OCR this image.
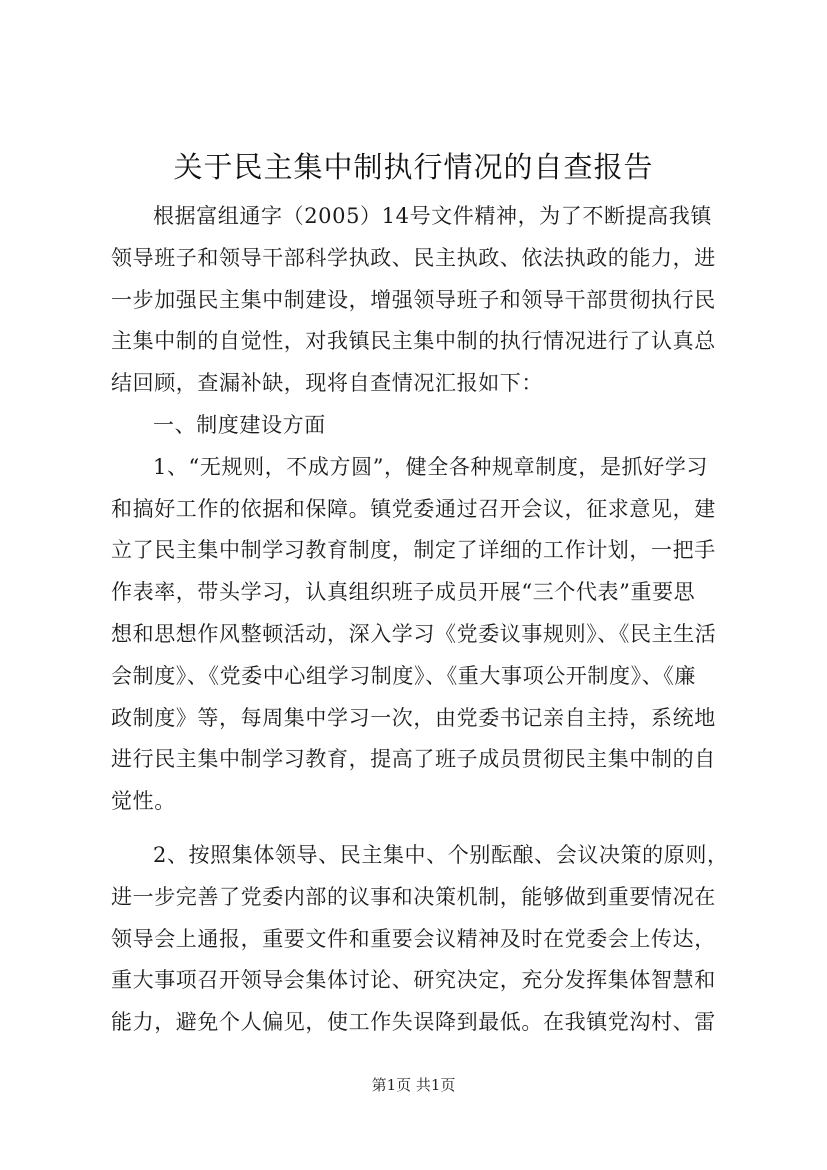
关于民主集中制执行情况的自查报告
根据富组通字（2005）14号文件精神，为了不断提高我镇
领导班子和领导干部科学执政、民主执政、依法执政的能力，进
一步加强民主集中制建设，增强领导班子和领导干部贯彻执行民
主集中制的自觉性，对我镇民主集中制的执行情况进行了认真总
结回顾，查漏补缺，现将自查情况汇报如下：
一、制度建设方面
1、“无规则，不成方圆”，健全各种规章制度，是抓好学习
和搞好工作的依据和保障。镇党委通过召开会议，征求意见，建
立了民主集中制学习教育制度，制定了详细的工作计划，一把手
作表率，带头学习，认真组织班子成员开展“三个代表”重要思
想和思想作风整顿活动，深入学习《党委议事规则》、《民主生活
会制度》、《党委中心组学习制度》、《重大事项公开制度》、《廉
政制度》等，每周集中学习一次，由党委书记亲自主持，系统地
进行民主集中制学习教育，提高了班子成员贯彻民主集中制的自
觉性。
2、按照集体领导、民主集中、个别酝酿、会议决策的原则，
进一步完善了党委内部的议事和决策机制，能够做到重要情况在
领导会上通报，重要文件和重要会议精神及时在党委会上传达，
重大事项召开领导会集体讨论、研究决定，充分发挥集体智慧和
能力，避免个人偏见，使工作失误降到最低。在我镇党沟村、雷
第1页 共1页
